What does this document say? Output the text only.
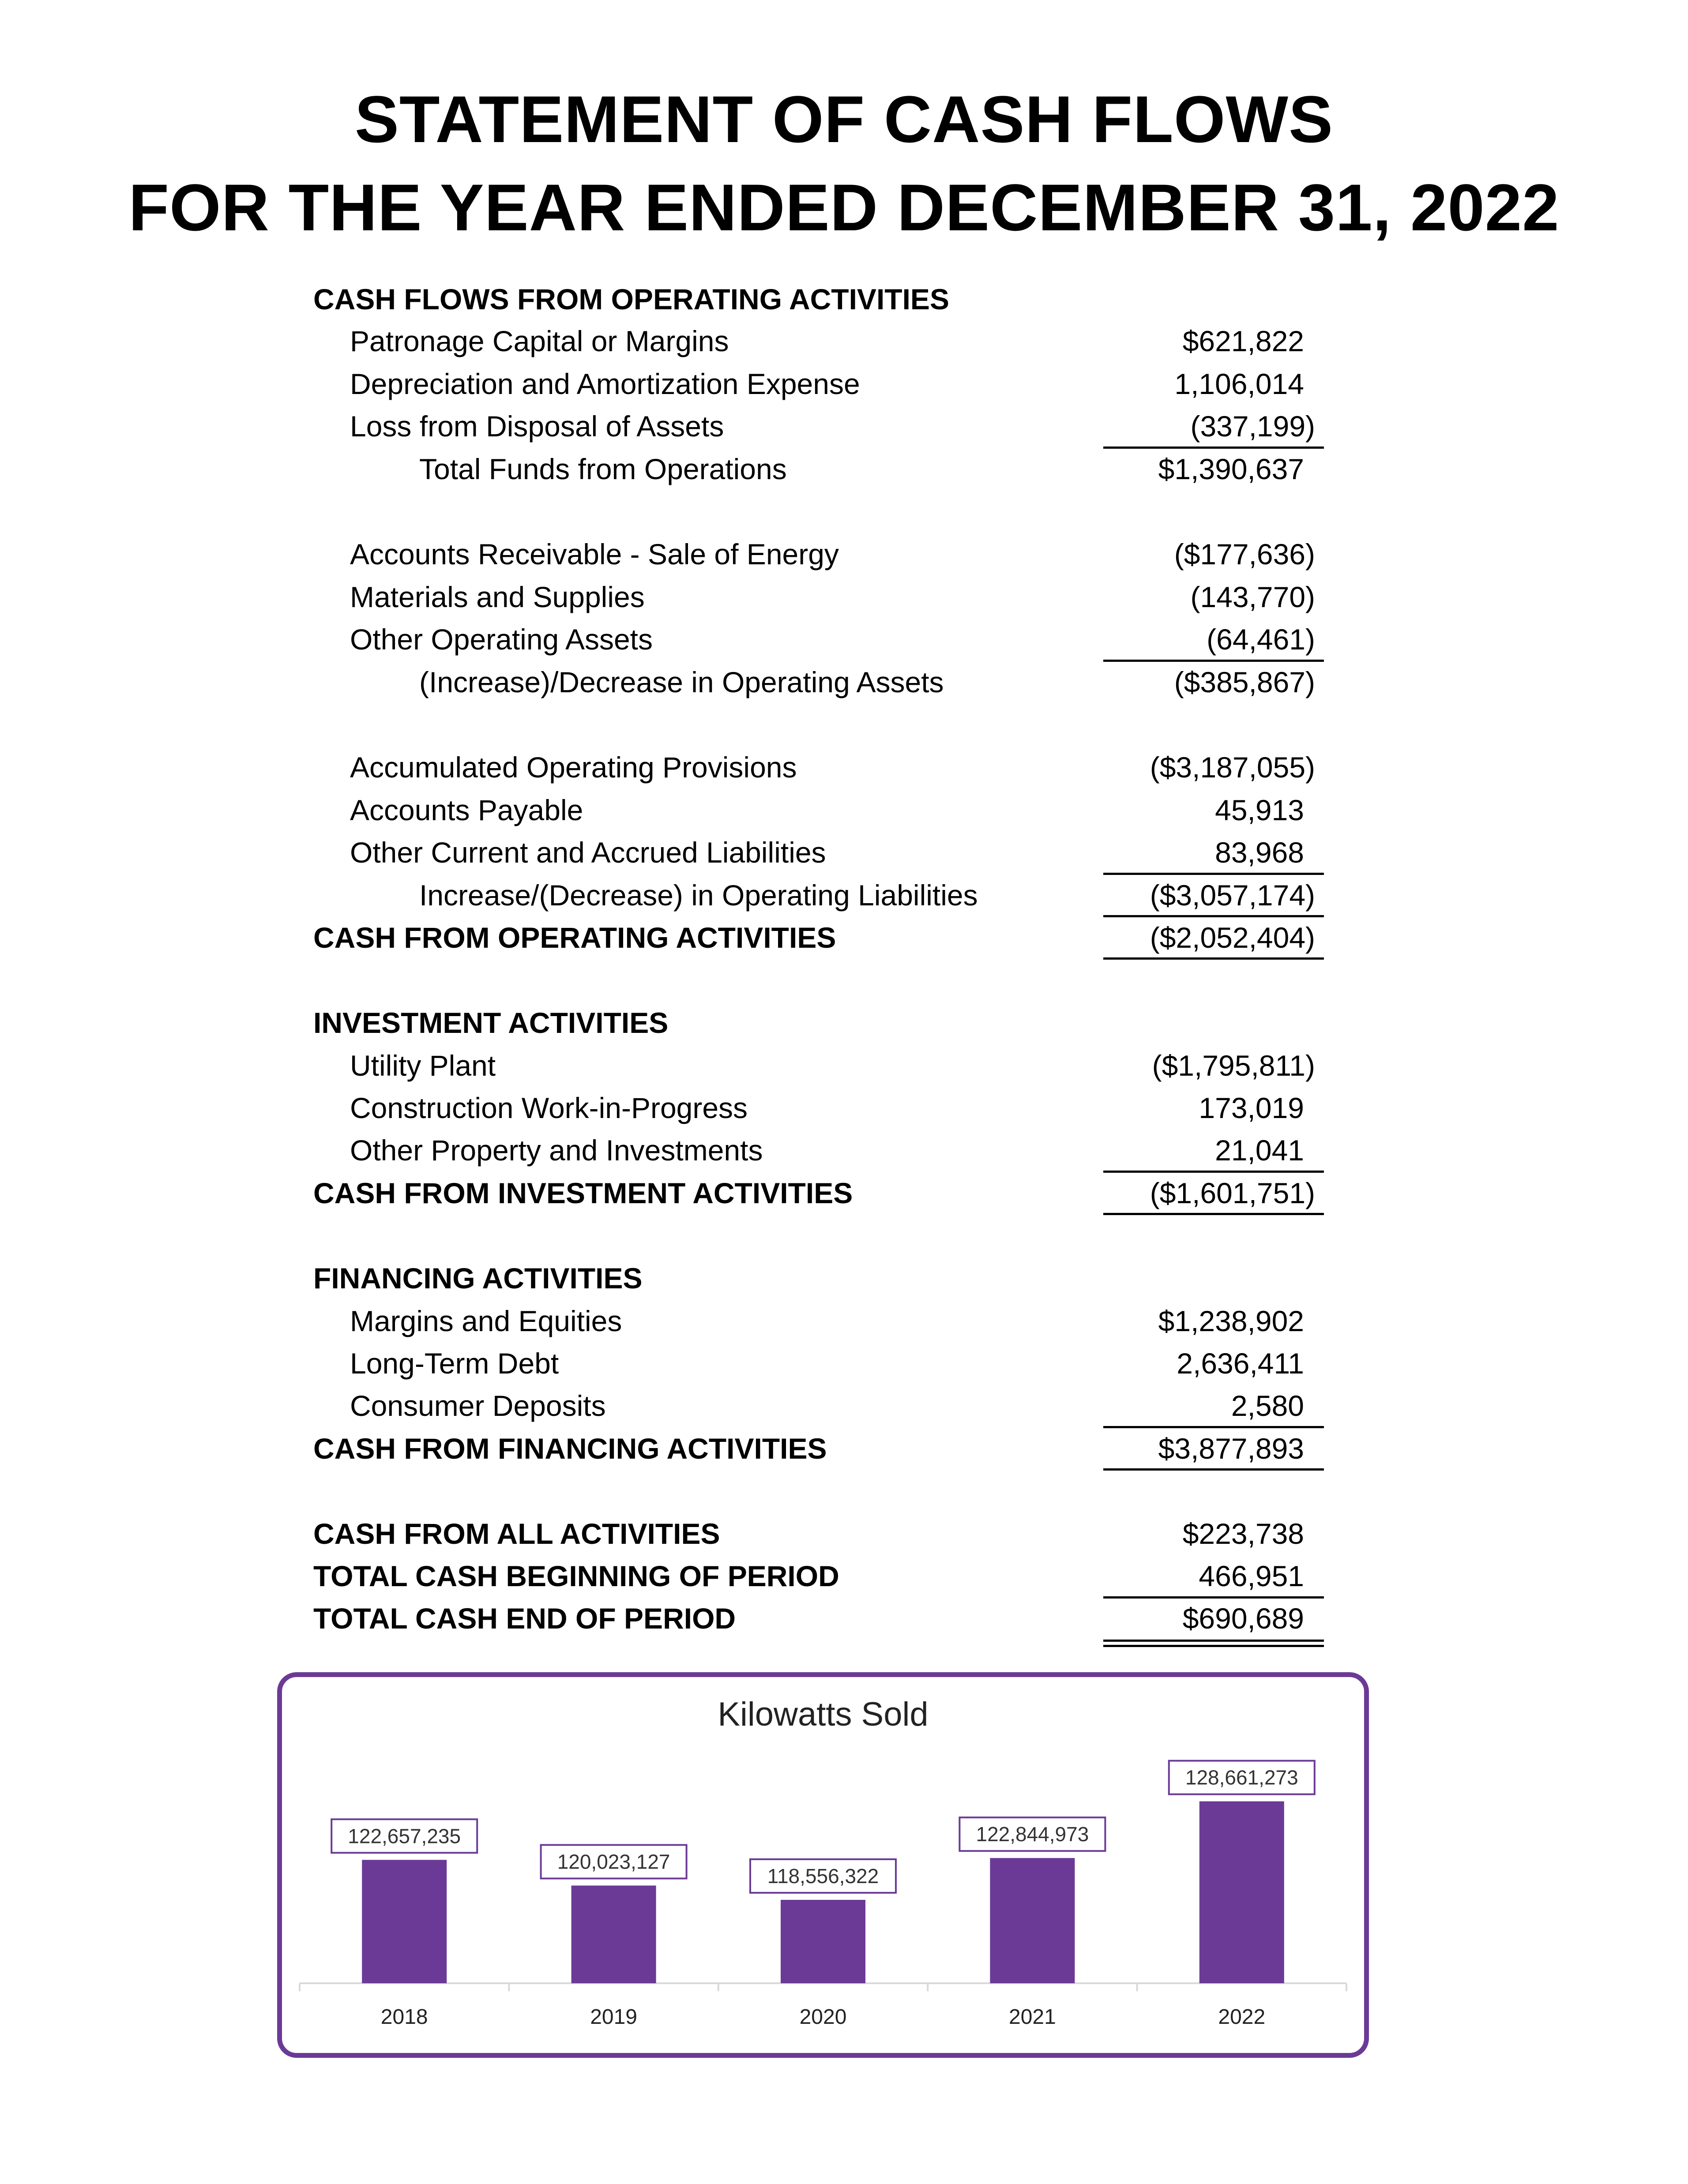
STATEMENT OF CASH FLOWS
FOR THE YEAR ENDED DECEMBER 31, 2022
CASH FLOWS FROM OPERATING ACTIVITIES
Patronage Capital or Margins	$621,822
Depreciation and Amortization Expense	1,106,014
Loss from Disposal of Assets	(337,199)
Total Funds from Operations	$1,390,637
Accounts Receivable - Sale of Energy	($177,636)
Materials and Supplies	(143,770)
Other Operating Assets	(64,461)
(Increase)/Decrease in Operating Assets	($385,867)
Accumulated Operating Provisions	($3,187,055)
Accounts Payable	45,913
Other Current and Accrued Liabilities	83,968
Increase/(Decrease) in Operating Liabilities	($3,057,174)
CASH FROM OPERATING ACTIVITIES	($2,052,404)
INVESTMENT ACTIVITIES
Utility Plant	($1,795,811)
Construction Work-in-Progress	173,019
Other Property and Investments	21,041
CASH FROM INVESTMENT ACTIVITIES	($1,601,751)
FINANCING ACTIVITIES
Margins and Equities	$1,238,902
Long-Term Debt	2,636,411
Consumer Deposits	2,580
CASH FROM FINANCING ACTIVITIES	$3,877,893
CASH FROM ALL ACTIVITIES	$223,738
TOTAL CASH BEGINNING OF PERIOD	466,951
TOTAL CASH END OF PERIOD	$690,689
Kilowatts Sold
122,657,235
120,023,127
118,556,322
122,844,973
128,661,273
2018	2019	2020	2021	2022
